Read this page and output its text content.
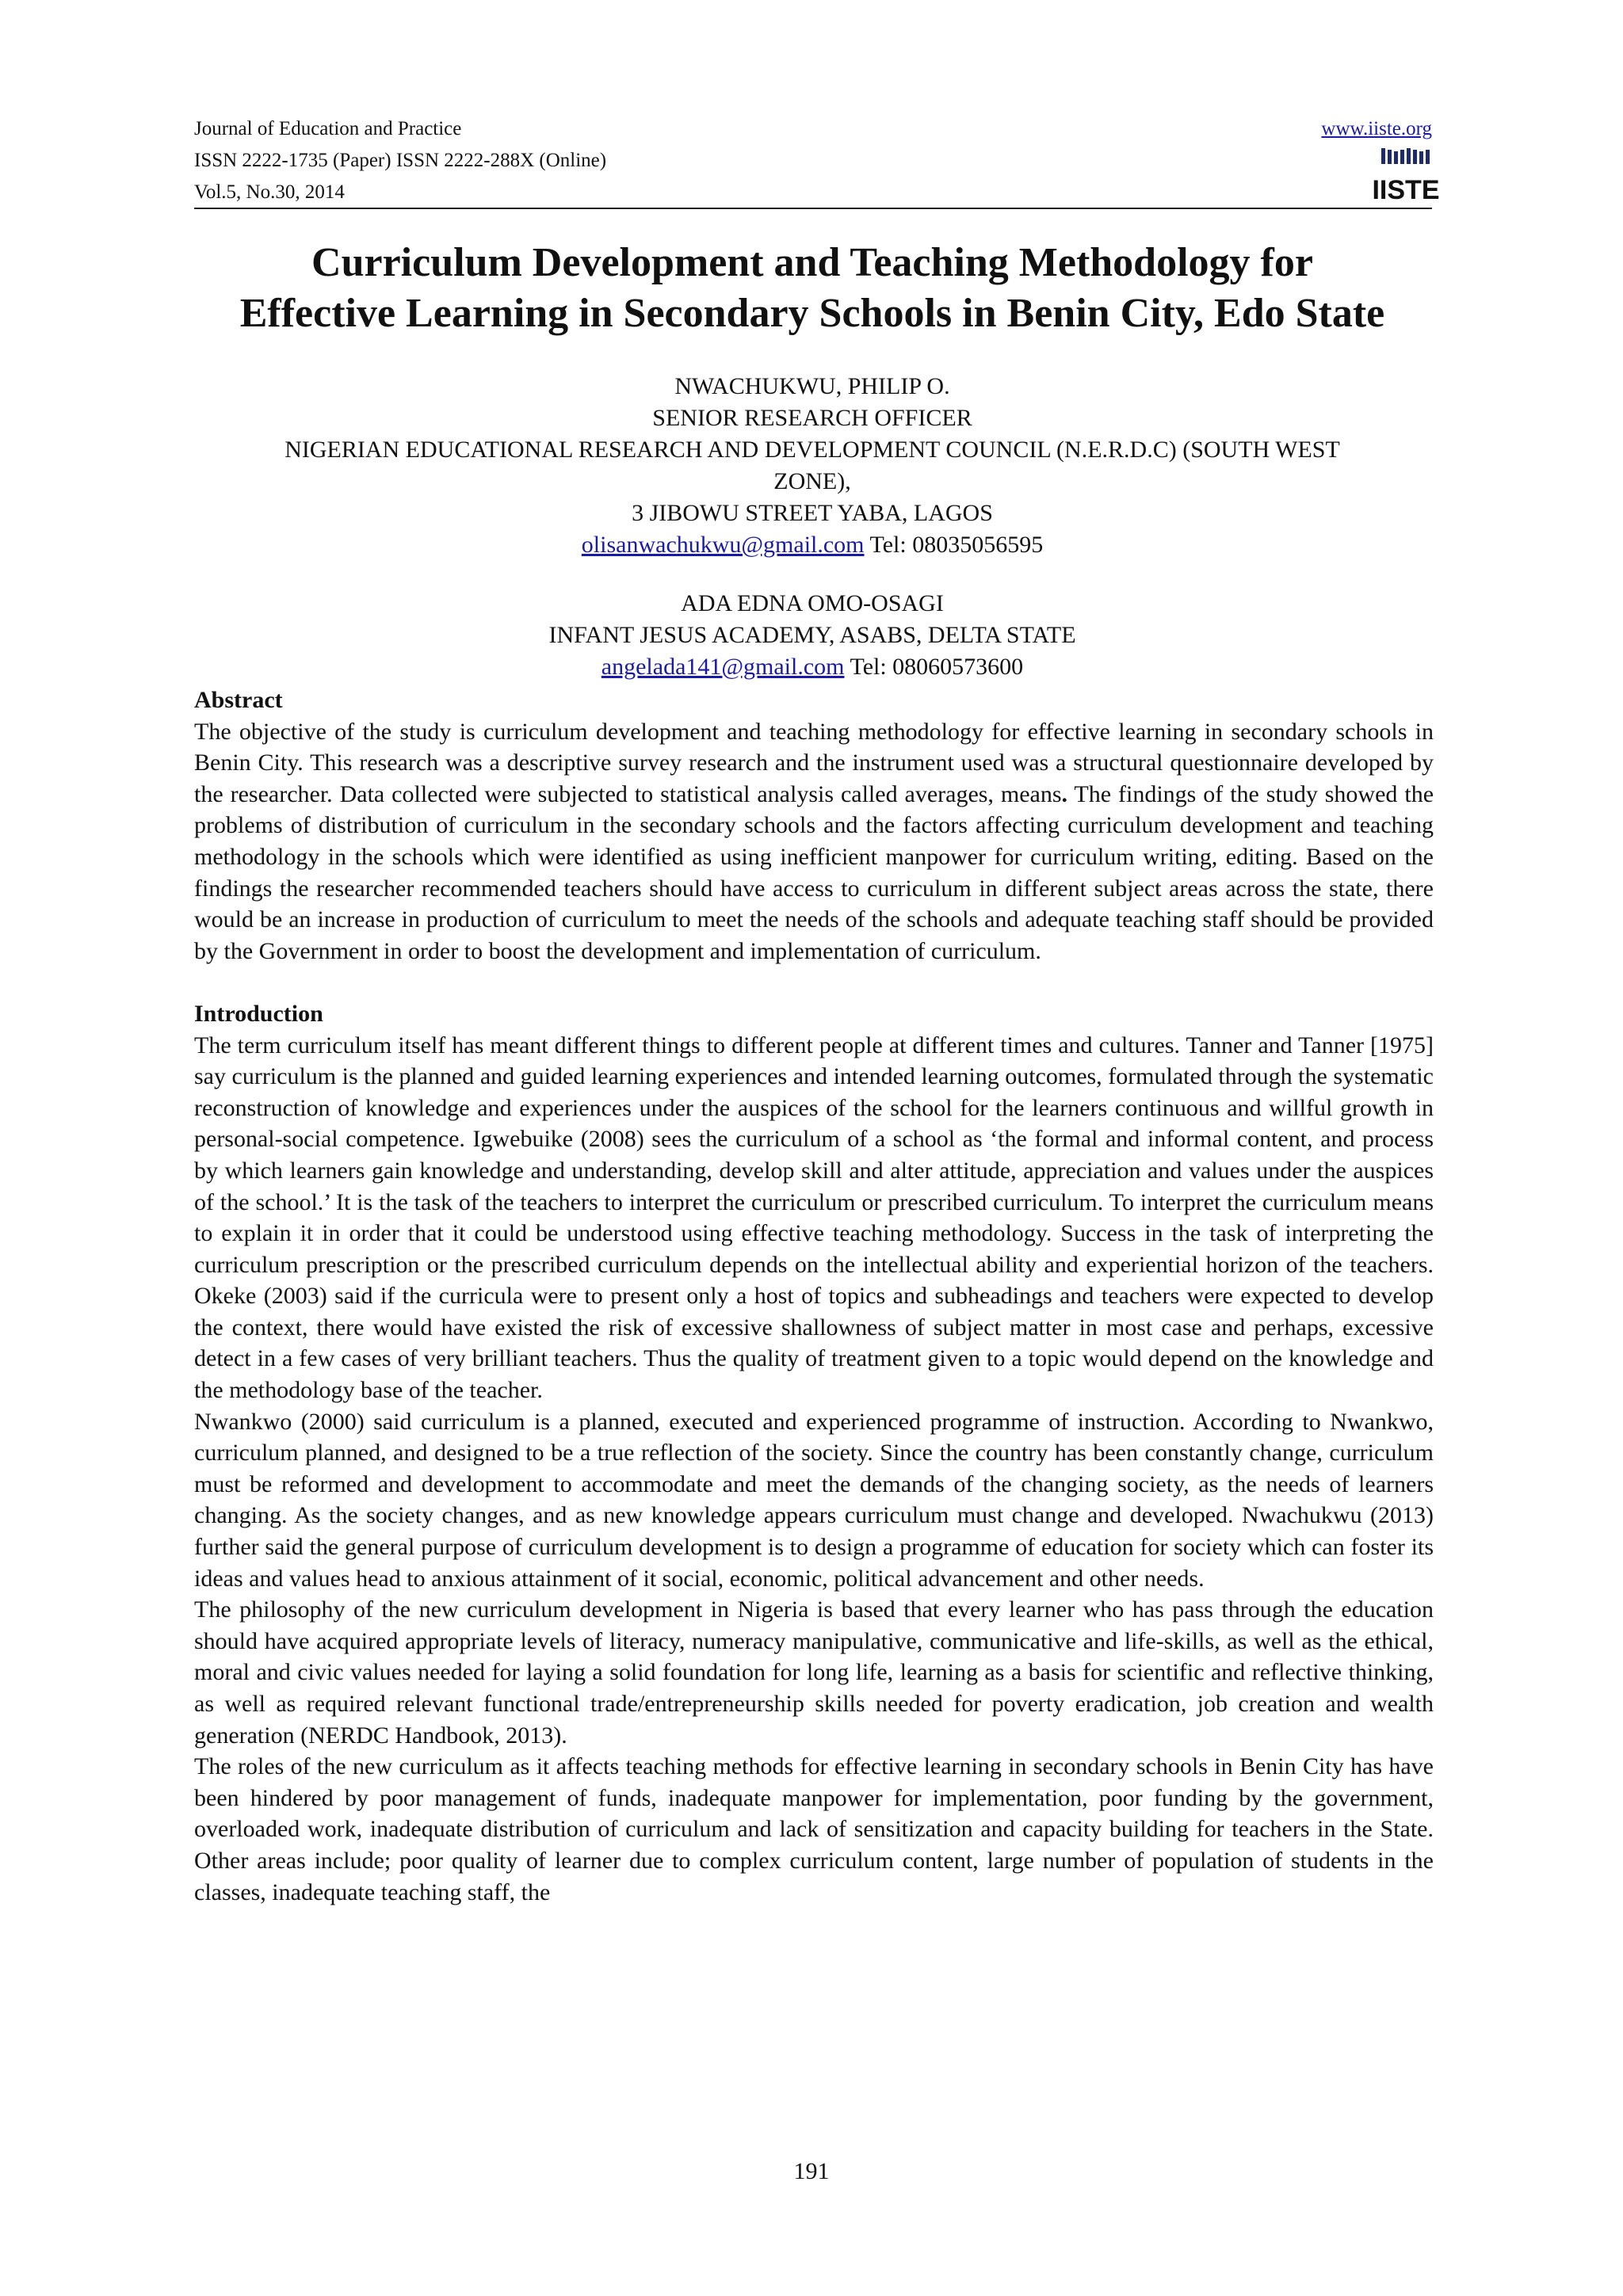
Journal of Education and Practice
ISSN 2222-1735 (Paper) ISSN 2222-288X (Online)
Vol.5, No.30, 2014
www.iiste.org
IISTE
Curriculum Development and Teaching Methodology for
Effective Learning in Secondary Schools in Benin City, Edo State
NWACHUKWU, PHILIP O.
SENIOR RESEARCH OFFICER
NIGERIAN EDUCATIONAL RESEARCH AND DEVELOPMENT COUNCIL (N.E.R.D.C) (SOUTH WEST
ZONE),
3 JIBOWU STREET YABA, LAGOS
olisanwachukwu@gmail.com Tel: 08035056595
ADA EDNA OMO-OSAGI
INFANT JESUS ACADEMY, ASABS, DELTA STATE
angelada141@gmail.com Tel: 08060573600
Abstract

The objective of the study is curriculum development and teaching methodology for effective learning in secondary schools in Benin City. This research was a descriptive survey research and the instrument used was a structural questionnaire developed by the researcher. Data collected were subjected to statistical analysis called averages, means. The findings of the study showed the problems of distribution of curriculum in the secondary schools and the factors affecting curriculum development and teaching methodology in the schools which were identified as using inefficient manpower for curriculum writing, editing. Based on the findings the researcher recommended teachers should have access to curriculum in different subject areas across the state, there would be an increase in production of curriculum to meet the needs of the schools and adequate teaching staff should be provided by the Government in order to boost the development and implementation of curriculum.

Introduction

The term curriculum itself has meant different things to different people at different times and cultures. Tanner and Tanner [1975] say curriculum is the planned and guided learning experiences and intended learning outcomes, formulated through the systematic reconstruction of knowledge and experiences under the auspices of the school for the learners continuous and willful growth in personal-social competence. Igwebuike (2008) sees the curriculum of a school as ‘the formal and informal content, and process by which learners gain knowledge and understanding, develop skill and alter attitude, appreciation and values under the auspices of the school.’ It is the task of the teachers to interpret the curriculum or prescribed curriculum. To interpret the curriculum means to explain it in order that it could be understood using effective teaching methodology. Success in the task of interpreting the curriculum prescription or the prescribed curriculum depends on the intellectual ability and experiential horizon of the teachers. Okeke (2003) said if the curricula were to present only a host of topics and subheadings and teachers were expected to develop the context, there would have existed the risk of excessive shallowness of subject matter in most case and perhaps, excessive detect in a few cases of very brilliant teachers. Thus the quality of treatment given to a topic would depend on the knowledge and the methodology base of the teacher.

Nwankwo (2000) said curriculum is a planned, executed and experienced programme of instruction. According to Nwankwo, curriculum planned, and designed to be a true reflection of the society. Since the country has been constantly change, curriculum must be reformed and development to accommodate and meet the demands of the changing society, as the needs of learners changing. As the society changes, and as new knowledge appears curriculum must change and developed. Nwachukwu (2013) further said the general purpose of curriculum development is to design a programme of education for society which can foster its ideas and values head to anxious attainment of it social, economic, political advancement and other needs.

The philosophy of the new curriculum development in Nigeria is based that every learner who has pass through the education should have acquired appropriate levels of literacy, numeracy manipulative, communicative and life-skills, as well as the ethical, moral and civic values needed for laying a solid foundation for long life, learning as a basis for scientific and reflective thinking, as well as required relevant functional trade/entrepreneurship skills needed for poverty eradication, job creation and wealth generation (NERDC Handbook, 2013).

The roles of the new curriculum as it affects teaching methods for effective learning in secondary schools in Benin City has have been hindered by poor management of funds, inadequate manpower for implementation, poor funding by the government, overloaded work, inadequate distribution of curriculum and lack of sensitization and capacity building for teachers in the State. Other areas include; poor quality of learner due to complex curriculum content, large number of population of students in the classes, inadequate teaching staff, the

191
